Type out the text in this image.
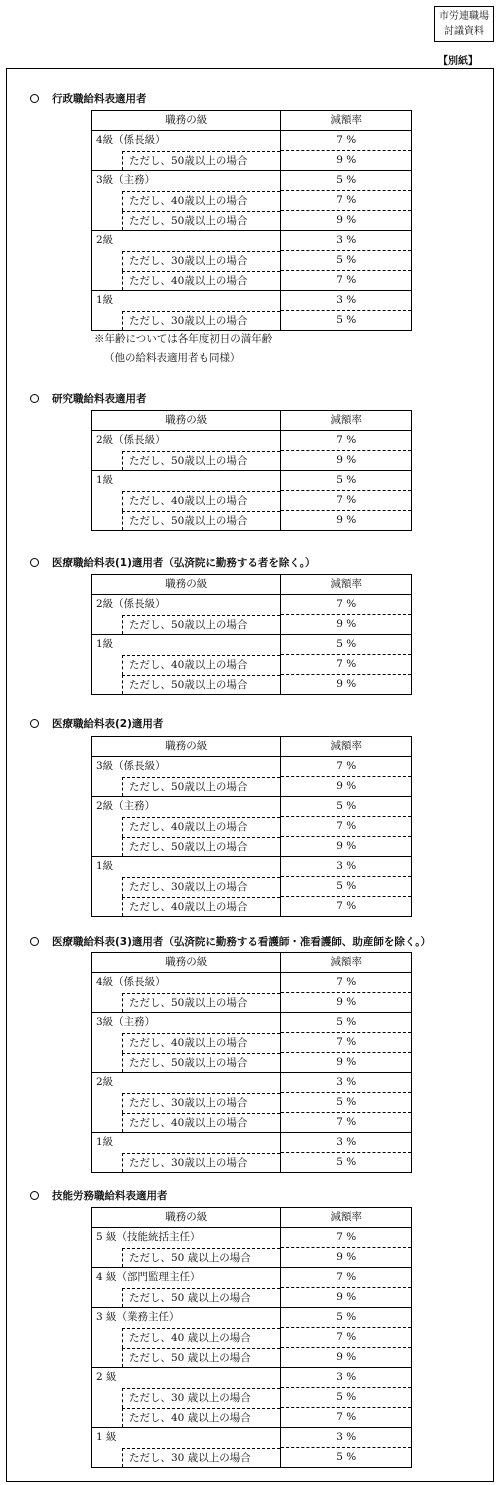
市労連職場
討議資料
【別紙】
行政職給料表適用者
職務の級	減額率
4級（係長級）	7 %

ただし、50歳以上の場合	9 %
3級（主務）	5 %

ただし、40歳以上の場合	7 %

ただし、50歳以上の場合	9 %
2級	3 %

ただし、30歳以上の場合	5 %

ただし、40歳以上の場合	7 %
1級	3 %

ただし、30歳以上の場合	5 %
※年齢については各年度初日の満年齢
（他の給料表適用者も同様）
研究職給料表適用者
職務の級	減額率
2級（係長級）	7 %

ただし、50歳以上の場合	9 %
1級	5 %

ただし、40歳以上の場合	7 %

ただし、50歳以上の場合	9 %
医療職給料表(1)適用者（弘済院に勤務する者を除く。）
職務の級	減額率
2級（係長級）	7 %

ただし、50歳以上の場合	9 %
1級	5 %

ただし、40歳以上の場合	7 %

ただし、50歳以上の場合	9 %
医療職給料表(2)適用者
職務の級	減額率
3級（係長級）	7 %

ただし、50歳以上の場合	9 %
2級（主務）	5 %

ただし、40歳以上の場合	7 %

ただし、50歳以上の場合	9 %
1級	3 %

ただし、30歳以上の場合	5 %

ただし、40歳以上の場合	7 %
医療職給料表(3)適用者（弘済院に勤務する看護師・准看護師、助産師を除く。）
職務の級	減額率
4級（係長級）	7 %

ただし、50歳以上の場合	9 %
3級（主務）	5 %

ただし、40歳以上の場合	7 %

ただし、50歳以上の場合	9 %
2級	3 %

ただし、30歳以上の場合	5 %

ただし、40歳以上の場合	7 %
1級	3 %

ただし、30歳以上の場合	5 %
技能労務職給料表適用者
職務の級	減額率
5 級（技能統括主任）	7 %

ただし、50 歳以上の場合	9 %
4 級（部門監理主任）	7 %

ただし、50 歳以上の場合	9 %
3 級（業務主任）	5 %

ただし、40 歳以上の場合	7 %

ただし、50 歳以上の場合	9 %
2 級	3 %

ただし、30 歳以上の場合	5 %

ただし、40 歳以上の場合	7 %
1 級	3 %

ただし、30 歳以上の場合	5 %
